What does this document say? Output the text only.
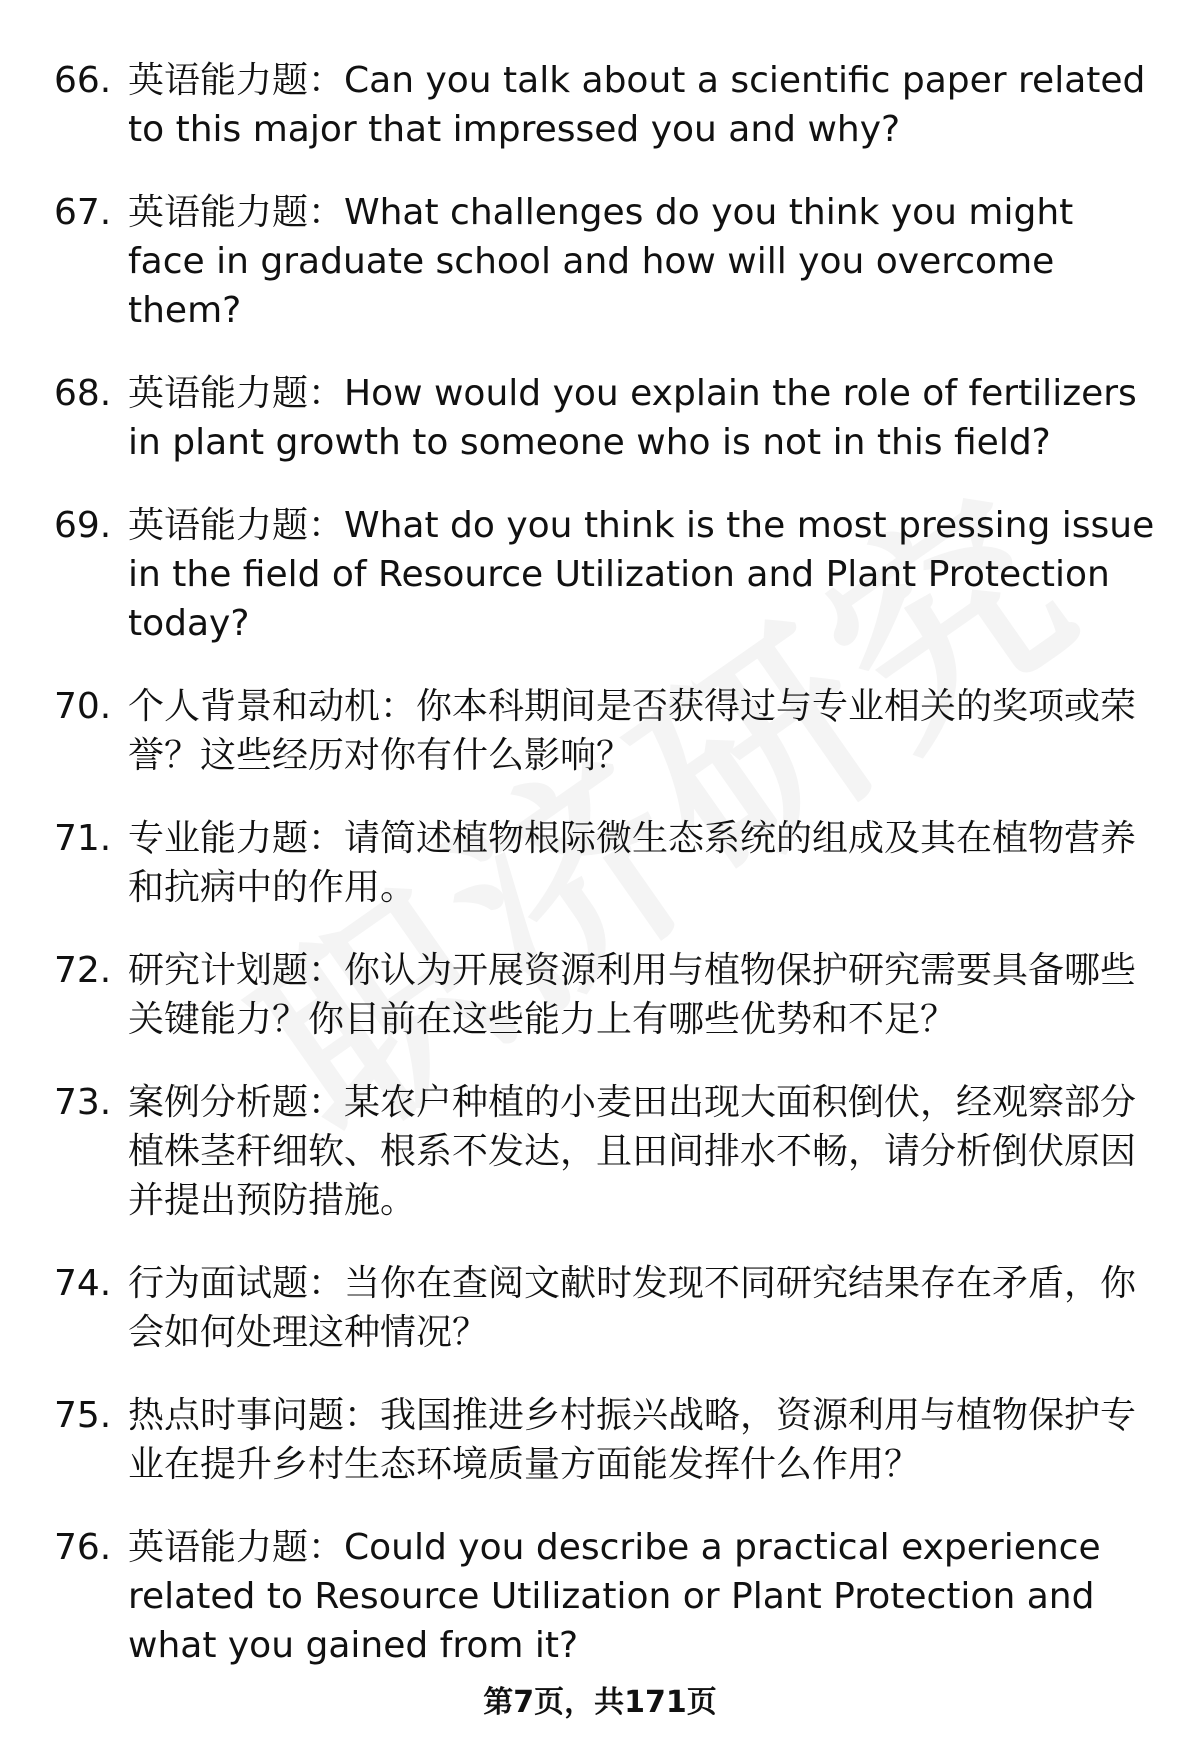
66. 英语能力题：Can you talk about a scientific paper related to this major that impressed you and why?
67. 英语能力题：What challenges do you think you might face in graduate school and how will you overcome them?
68. 英语能力题：How would you explain the role of fertilizers in plant growth to someone who is not in this field?
69. 英语能力题：What do you think is the most pressing issue in the field of Resource Utilization and Plant Protection today?
70. 个人背景和动机：你本科期间是否获得过与专业相关的奖项或荣誉？这些经历对你有什么影响？
71. 专业能力题：请简述植物根际微生态系统的组成及其在植物营养和抗病中的作用。
72. 研究计划题：你认为开展资源利用与植物保护研究需要具备哪些关键能力？你目前在这些能力上有哪些优势和不足？
73. 案例分析题：某农户种植的小麦田出现大面积倒伏，经观察部分植株茎秆细软、根系不发达，且田间排水不畅，请分析倒伏原因并提出预防措施。
74. 行为面试题：当你在查阅文献时发现不同研究结果存在矛盾，你会如何处理这种情况？
75. 热点时事问题：我国推进乡村振兴战略，资源利用与植物保护专业在提升乡村生态环境质量方面能发挥什么作用？
76. 英语能力题：Could you describe a practical experience related to Resource Utilization or Plant Protection and what you gained from it?
第7页，共171页
